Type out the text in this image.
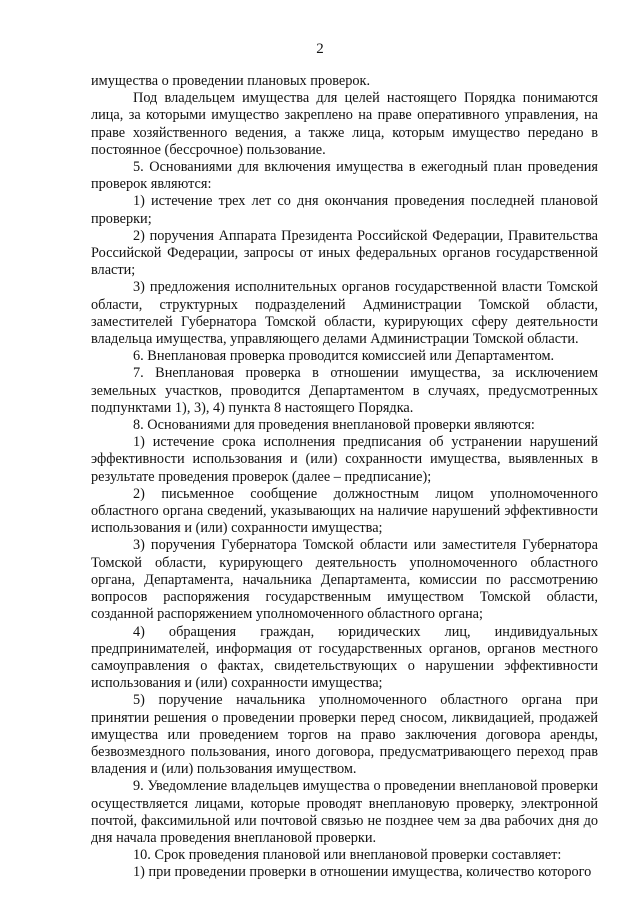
2

имущества о проведении плановых проверок.

Под владельцем имущества для целей настоящего Порядка понимаются лица, за которыми имущество закреплено на праве оперативного управления, на праве хозяйственного ведения, а также лица, которым имущество передано в постоянное (бессрочное) пользование.

5. Основаниями для включения имущества в ежегодный план проведения проверок являются:

1) истечение трех лет со дня окончания проведения последней плановой проверки;

2) поручения Аппарата Президента Российской Федерации, Правительства Российской Федерации, запросы от иных федеральных органов государственной власти;

3) предложения исполнительных органов государственной власти Томской области, структурных подразделений Администрации Томской области, заместителей Губернатора Томской области, курирующих сферу деятельности владельца имущества, управляющего делами Администрации Томской области.

6. Внеплановая проверка проводится комиссией или Департаментом.

7. Внеплановая проверка в отношении имущества, за исключением земельных участков, проводится Департаментом в случаях, предусмотренных подпунктами 1), 3), 4) пункта 8 настоящего Порядка.

8. Основаниями для проведения внеплановой проверки являются:

1) истечение срока исполнения предписания об устранении нарушений эффективности использования и (или) сохранности имущества, выявленных в результате проведения проверок (далее – предписание);

2) письменное сообщение должностным лицом уполномоченного областного органа сведений, указывающих на наличие нарушений эффективности использования и (или) сохранности имущества;

3) поручения Губернатора Томской области или заместителя Губернатора Томской области, курирующего деятельность уполномоченного областного органа, Департамента, начальника Департамента, комиссии по рассмотрению вопросов распоряжения государственным имуществом Томской области, созданной распоряжением уполномоченного областного органа;

4) обращения граждан, юридических лиц, индивидуальных предпринимателей, информация от государственных органов, органов местного самоуправления о фактах, свидетельствующих о нарушении эффективности использования и (или) сохранности имущества;

5) поручение начальника уполномоченного областного органа при принятии решения о проведении проверки перед сносом, ликвидацией, продажей имущества или проведением торгов на право заключения договора аренды, безвозмездного пользования, иного договора, предусматривающего переход прав владения и (или) пользования имуществом.

9. Уведомление владельцев имущества о проведении внеплановой проверки осуществляется лицами, которые проводят внеплановую проверку, электронной почтой, факсимильной или почтовой связью не позднее чем за два рабочих дня до дня начала проведения внеплановой проверки.

10. Срок проведения плановой или внеплановой проверки составляет:

1) при проведении проверки в отношении имущества, количество которого
